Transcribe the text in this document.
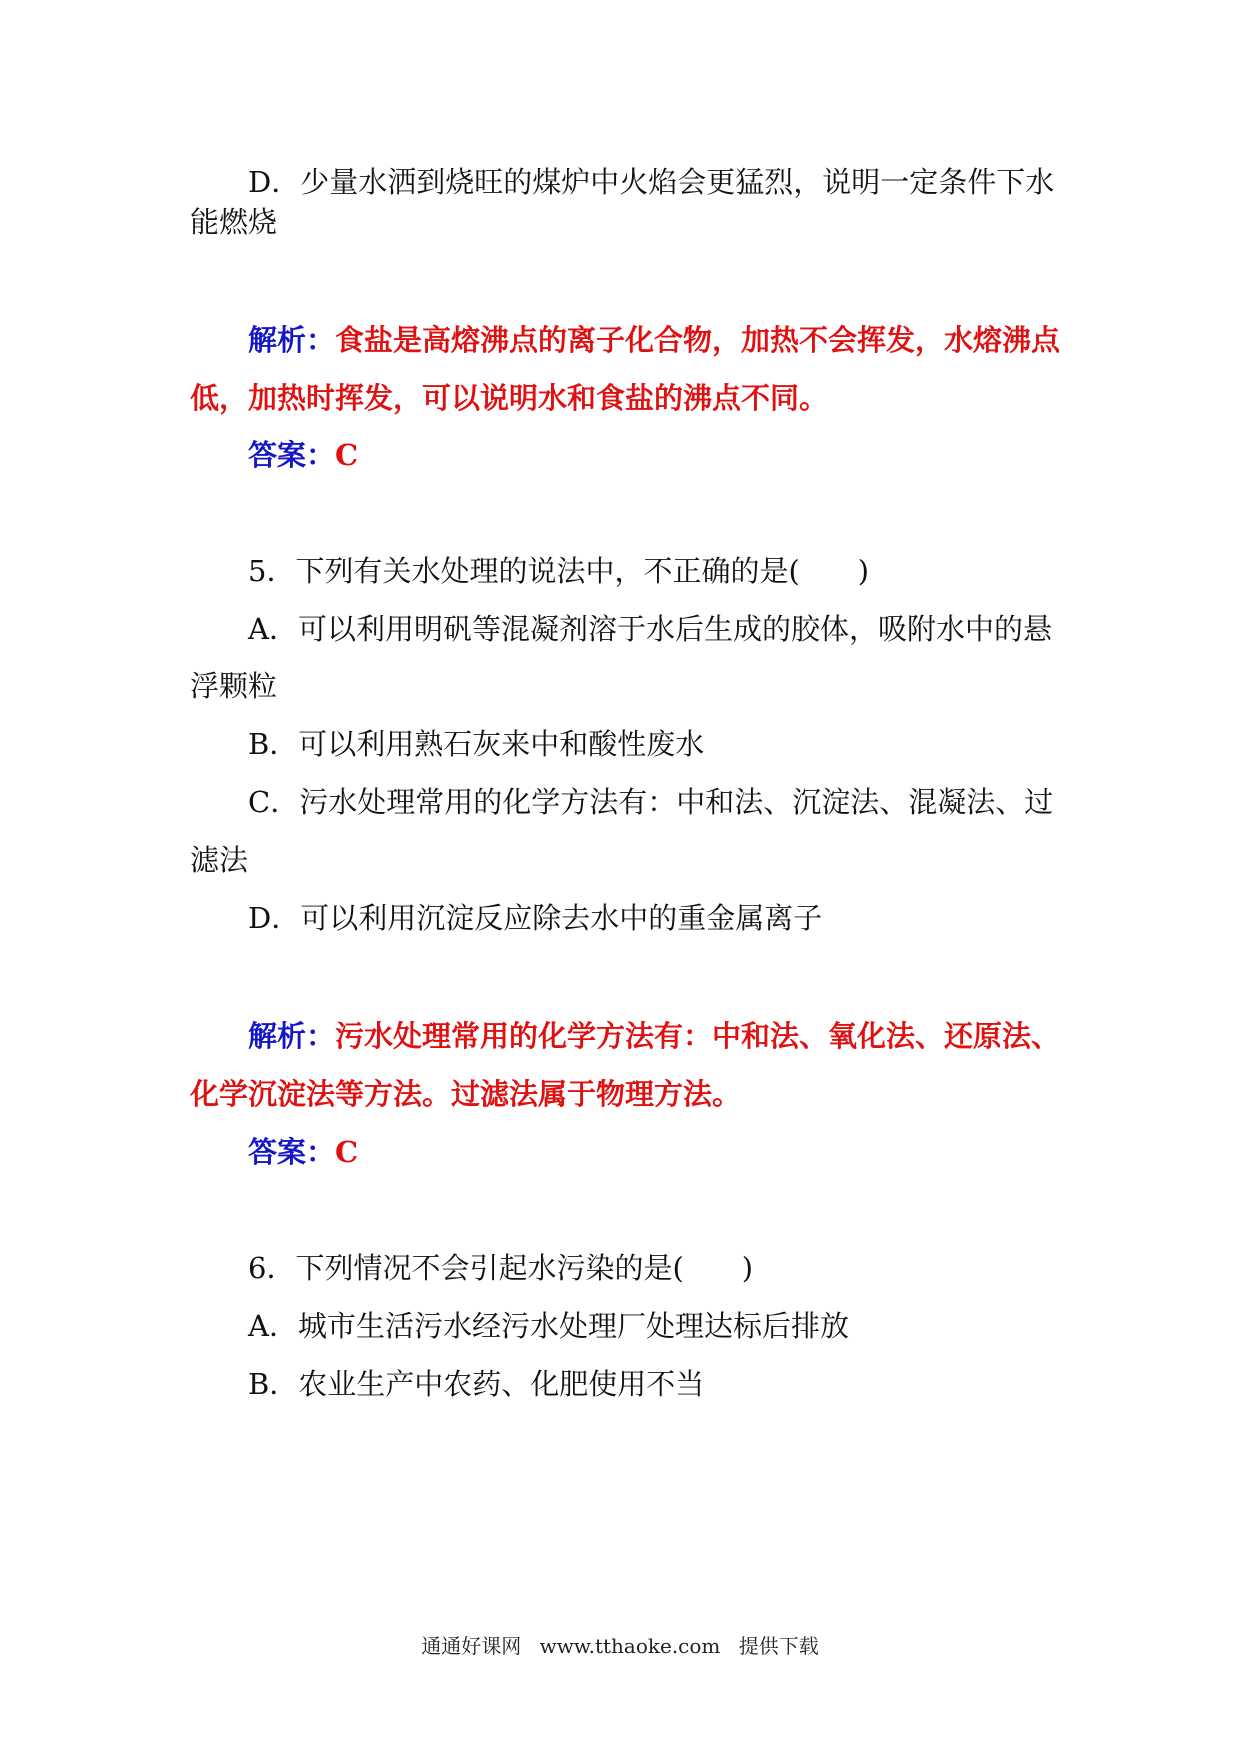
D．少量水洒到烧旺的煤炉中火焰会更猛烈，说明一定条件下水
能燃烧
解析：食盐是高熔沸点的离子化合物，加热不会挥发，水熔沸点
低，加热时挥发，可以说明水和食盐的沸点不同。
答案：C
5．下列有关水处理的说法中，不正确的是(　　)
A．可以利用明矾等混凝剂溶于水后生成的胶体，吸附水中的悬
浮颗粒
B．可以利用熟石灰来中和酸性废水
C．污水处理常用的化学方法有：中和法、沉淀法、混凝法、过
滤法
D．可以利用沉淀反应除去水中的重金属离子
解析：污水处理常用的化学方法有：中和法、氧化法、还原法、
化学沉淀法等方法。过滤法属于物理方法。
答案：C
6．下列情况不会引起水污染的是(　　)
A．城市生活污水经污水处理厂处理达标后排放
B．农业生产中农药、化肥使用不当
通通好课网 www.tthaoke.com 提供下载
